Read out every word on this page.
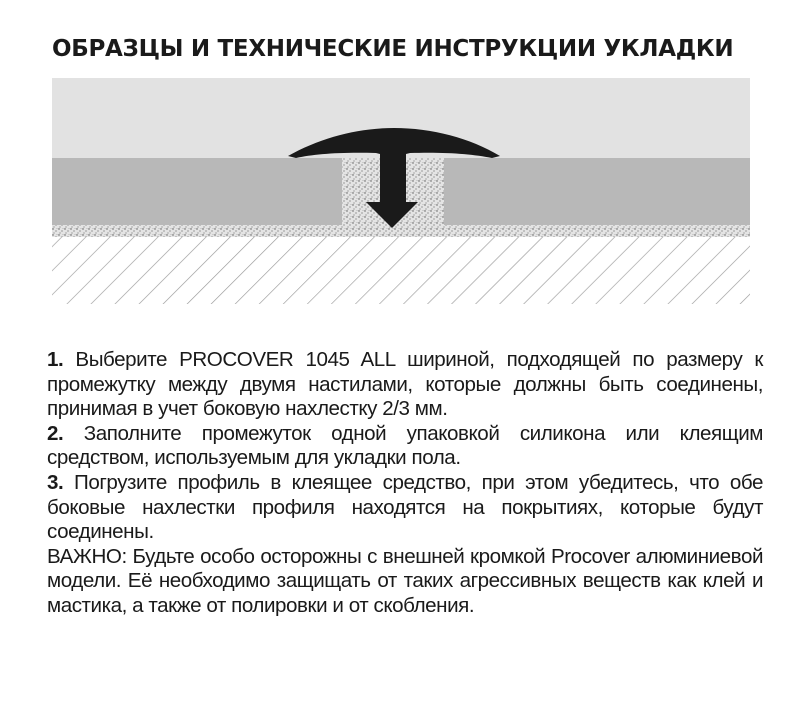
ОБРАЗЦЫ И ТЕХНИЧЕСКИЕ ИНСТРУКЦИИ УКЛАДКИ

1. Выберите PROCOVER 1045 ALL шириной, подходящей по размеру к промежутку между двумя настилами, которые должны быть соединены, принимая в учет боковую нахлестку 2/3 мм.

2. Заполните промежуток одной упаковкой силикона или клеящим средством, используемым для укладки пола.

3. Погрузите профиль в клеящее средство, при этом убедитесь, что обе боковые нахлестки профиля находятся на покрытиях, которые будут соединены.

ВАЖНО: Будьте особо осторожны с внешней кромкой Procover алюминиевой модели. Её необходимо защищать от таких агрессивных веществ как клей и мастика, а также от полировки и от скобления.
